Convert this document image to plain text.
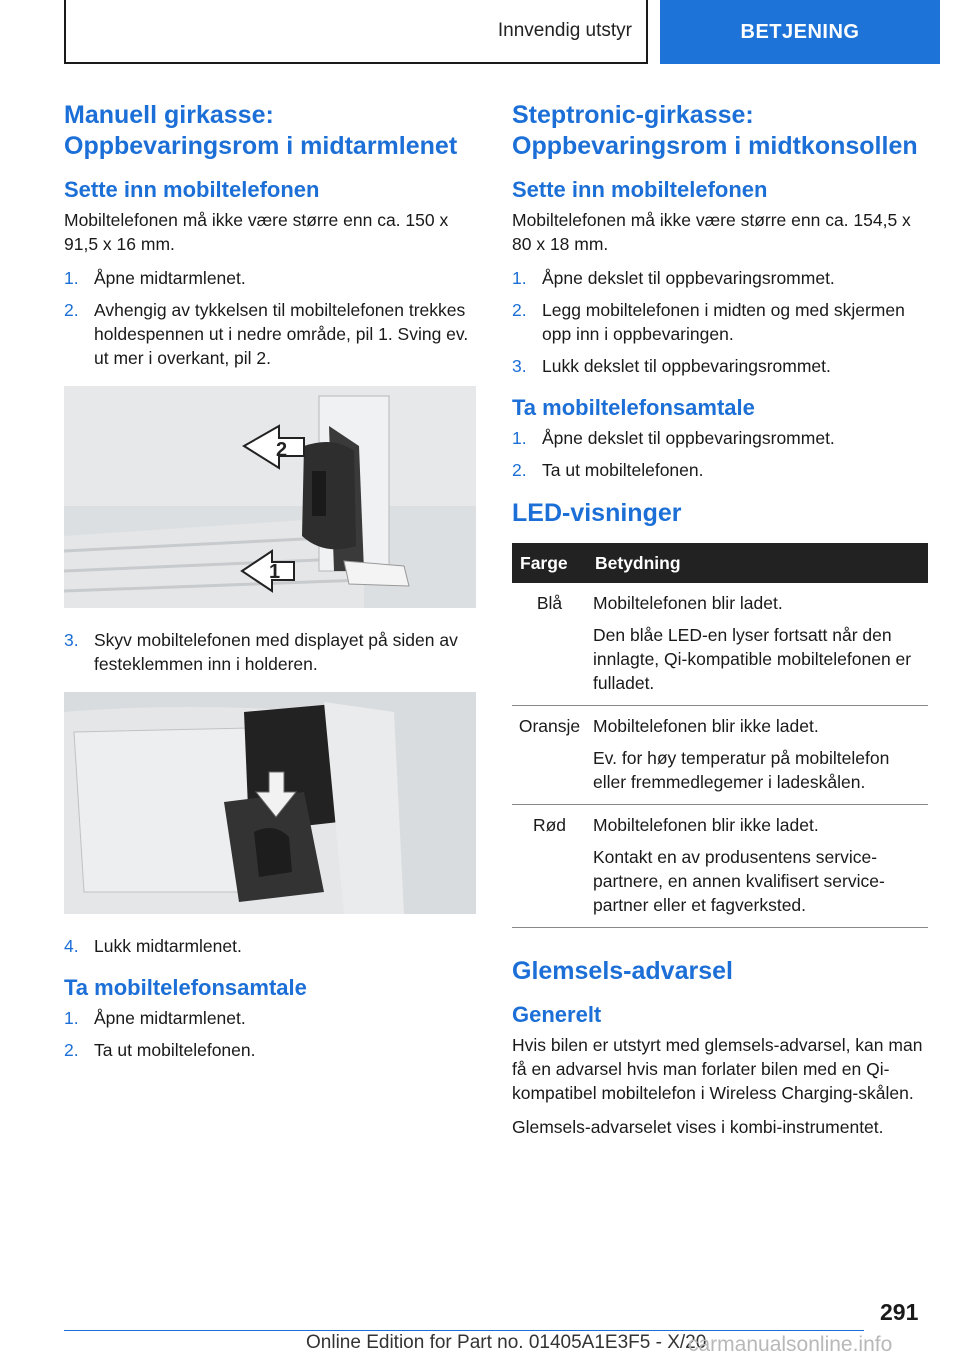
Innvendig utstyr	BETJENING
Manuell girkasse: Oppbevaringsrom i midtarmlenet
Sette inn mobiltelefonen

Mobiltelefonen må ikke være større enn ca. 150 x 91,5 x 16 mm.

1. Åpne midtarmlenet.
2. Avhengig av tykkelsen til mobiltelefonen trekkes holdespennen ut i nedre område, pil 1. Sving ev. ut mer i overkant, pil 2.
2
1
3. Skyv mobiltelefonen med displayet på siden av festeklemmen inn i holderen.
4. Lukk midtarmlenet.
Ta mobiltelefonsamtale
1. Åpne midtarmlenet.
2. Ta ut mobiltelefonen.
Steptronic-girkasse: Oppbevaringsrom i midtkonsollen
Sette inn mobiltelefonen

Mobiltelefonen må ikke være større enn ca. 154,5 x 80 x 18 mm.

1. Åpne dekslet til oppbevaringsrommet.
2. Legg mobiltelefonen i midten og med skjermen opp inn i oppbevaringen.
3. Lukk dekslet til oppbevaringsrommet.
Ta mobiltelefonsamtale
1. Åpne dekslet til oppbevaringsrommet.
2. Ta ut mobiltelefonen.
LED-visninger
Farge	Betydning
Blå	Mobiltelefonen blir ladet.
Den blåe LED-en lyser fortsatt når den innlagte, Qi-kompatible mobiltelefonen er fulladet.

Oransje	Mobiltelefonen blir ikke ladet.
Ev. for høy temperatur på mobiltelefon eller fremmedlegemer i ladeskålen.

Rød	Mobiltelefonen blir ikke ladet.
Kontakt en av produsentens servicepartnere, en annen kvalifisert servicepartner eller et fagverksted.
Glemsels-advarsel
Generelt

Hvis bilen er utstyrt med glemsels-advarsel, kan man få en advarsel hvis man forlater bilen med en Qi-kompatibel mobiltelefon i Wireless Charging-skålen.

Glemsels-advarselet vises i kombi-instrumentet.

291
Online Edition for Part no. 01405A1E3F5 - X/20
carmanualsonline.info
